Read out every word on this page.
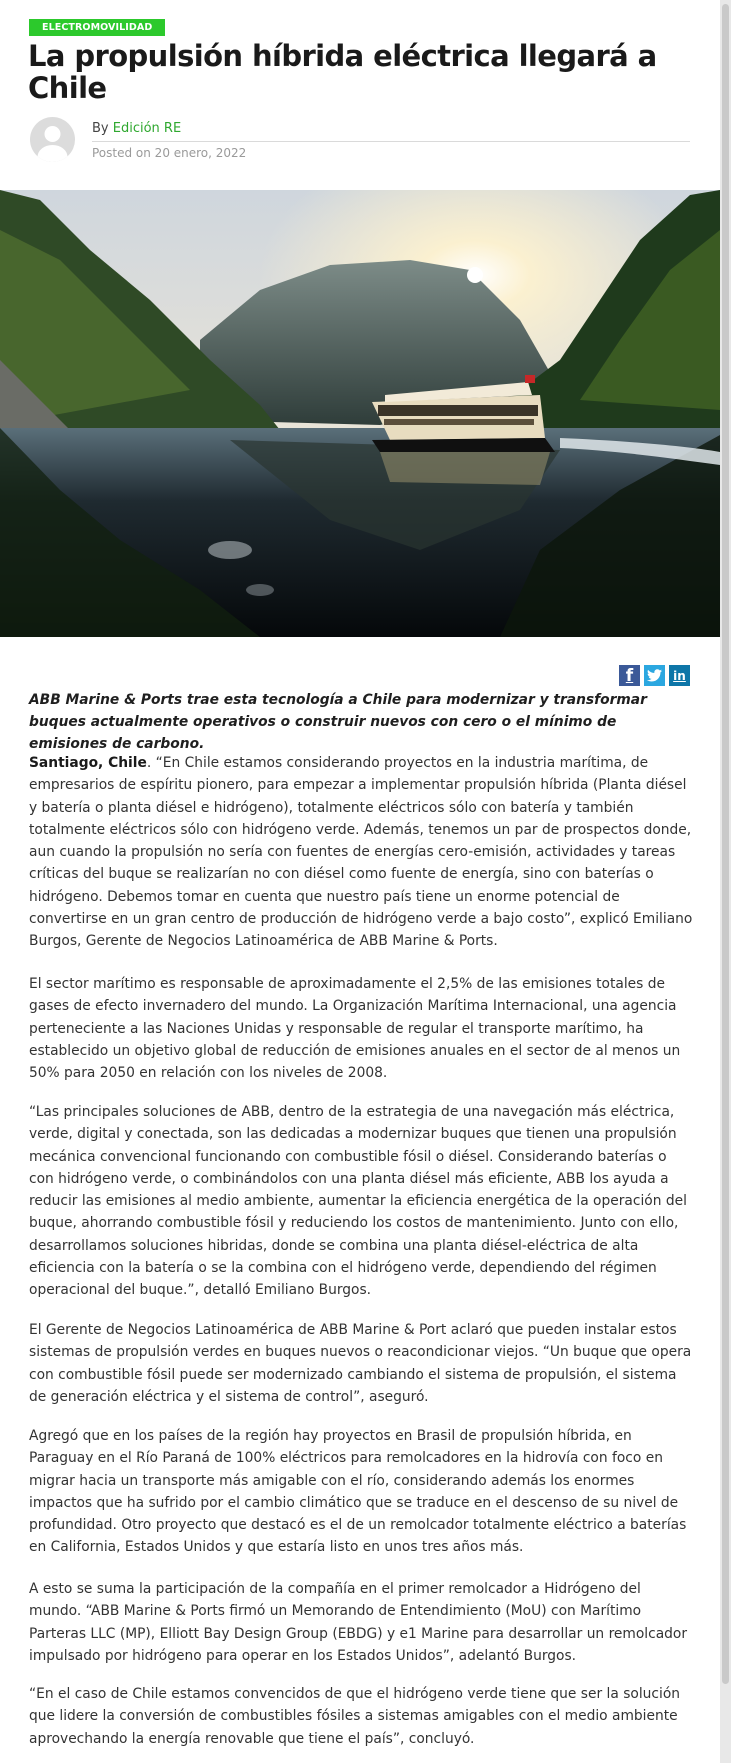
ELECTROMOVILIDAD
La propulsión híbrida eléctrica llegará a Chile
By Edición RE
Posted on 20 enero, 2022
f	in

ABB Marine & Ports trae esta tecnología a Chile para modernizar y transformar buques actualmente operativos o construir nuevos con cero o el mínimo de emisiones de carbono.

Santiago, Chile. “En Chile estamos considerando proyectos en la industria marítima, de empresarios de espíritu pionero, para empezar a implementar propulsión híbrida (Planta diésel y batería o planta diésel e hidrógeno), totalmente eléctricos sólo con batería y también totalmente eléctricos sólo con hidrógeno verde. Además, tenemos un par de prospectos donde, aun cuando la propulsión no sería con fuentes de energías cero-emisión, actividades y tareas críticas del buque se realizarían no con diésel como fuente de energía, sino con baterías o hidrógeno. Debemos tomar en cuenta que nuestro país tiene un enorme potencial de convertirse en un gran centro de producción de hidrógeno verde a bajo costo”, explicó Emiliano Burgos, Gerente de Negocios Latinoamérica de ABB Marine & Ports.

El sector marítimo es responsable de aproximadamente el 2,5% de las emisiones totales de gases de efecto invernadero del mundo. La Organización Marítima Internacional, una agencia perteneciente a las Naciones Unidas y responsable de regular el transporte marítimo, ha establecido un objetivo global de reducción de emisiones anuales en el sector de al menos un 50% para 2050 en relación con los niveles de 2008.

“Las principales soluciones de ABB, dentro de la estrategia de una navegación más eléctrica, verde, digital y conectada, son las dedicadas a modernizar buques que tienen una propulsión mecánica convencional funcionando con combustible fósil o diésel. Considerando baterías o con hidrógeno verde, o combinándolos con una planta diésel más eficiente, ABB los ayuda a reducir las emisiones al medio ambiente, aumentar la eficiencia energética de la operación del buque, ahorrando combustible fósil y reduciendo los costos de mantenimiento. Junto con ello, desarrollamos soluciones hibridas, donde se combina una planta diésel-eléctrica de alta eficiencia con la batería o se la combina con el hidrógeno verde, dependiendo del régimen operacional del buque.”, detalló Emiliano Burgos.

El Gerente de Negocios Latinoamérica de ABB Marine & Port aclaró que pueden instalar estos sistemas de propulsión verdes en buques nuevos o reacondicionar viejos. “Un buque que opera con combustible fósil puede ser modernizado cambiando el sistema de propulsión, el sistema de generación eléctrica y el sistema de control”, aseguró.

Agregó que en los países de la región hay proyectos en Brasil de propulsión híbrida, en Paraguay en el Río Paraná de 100% eléctricos para remolcadores en la hidrovía con foco en migrar hacia un transporte más amigable con el río, considerando además los enormes impactos que ha sufrido por el cambio climático que se traduce en el descenso de su nivel de profundidad. Otro proyecto que destacó es el de un remolcador totalmente eléctrico a baterías en California, Estados Unidos y que estaría listo en unos tres años más.

A esto se suma la participación de la compañía en el primer remolcador a Hidrógeno del mundo. “ABB Marine & Ports firmó un Memorando de Entendimiento (MoU) con Marítimo Parteras LLC (MP), Elliott Bay Design Group (EBDG) y e1 Marine para desarrollar un remolcador impulsado por hidrógeno para operar en los Estados Unidos”, adelantó Burgos.

“En el caso de Chile estamos convencidos de que el hidrógeno verde tiene que ser la solución que lidere la conversión de combustibles fósiles a sistemas amigables con el medio ambiente aprovechando la energía renovable que tiene el país”, concluyó.
